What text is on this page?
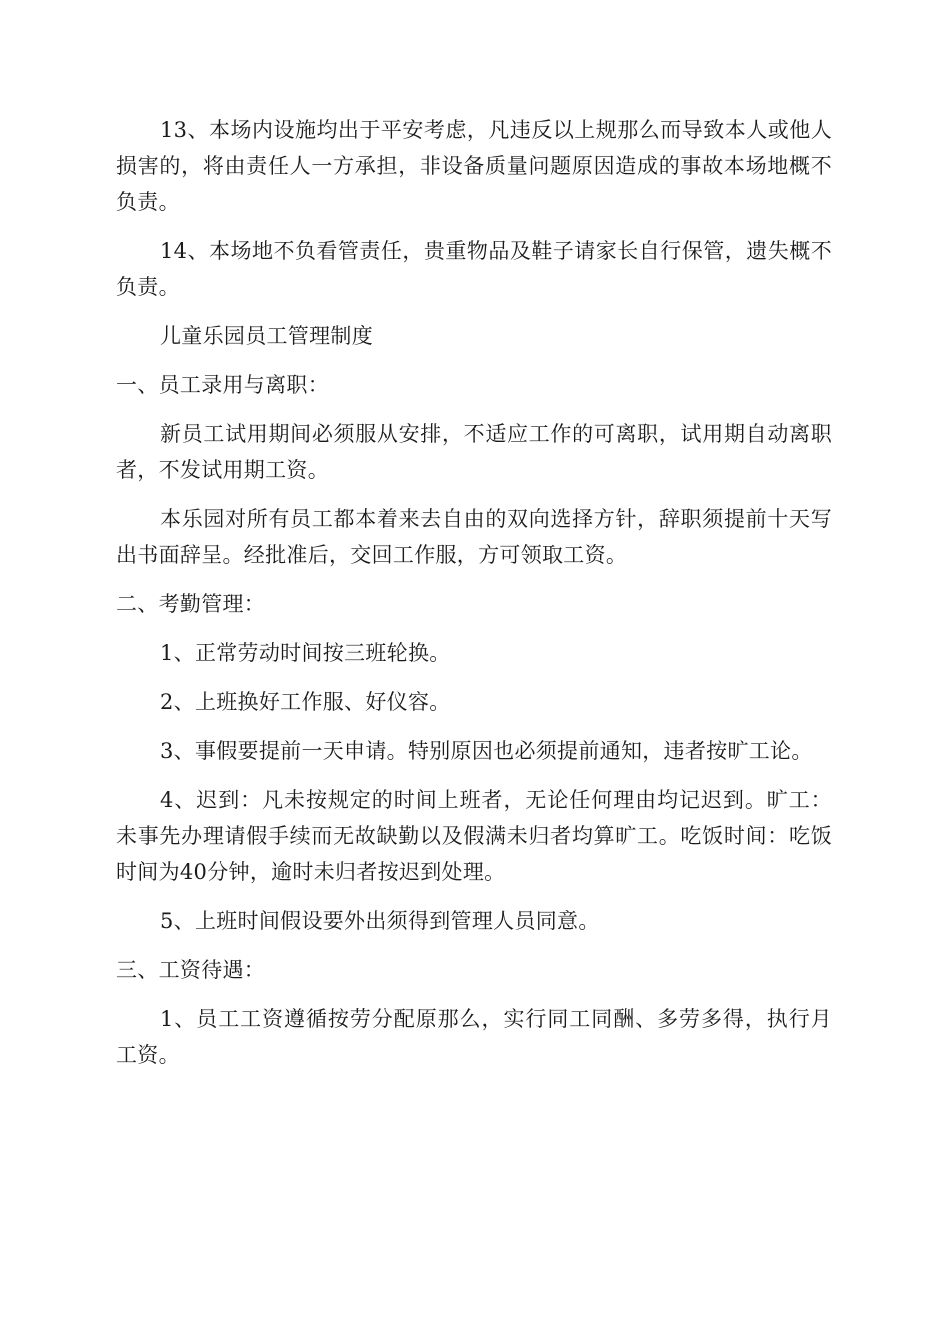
13、本场内设施均出于平安考虑，凡违反以上规那么而导致本人或他人损害的，将由责任人一方承担，非设备质量问题原因造成的事故本场地概不负责。

14、本场地不负看管责任，贵重物品及鞋子请家长自行保管，遗失概不负责。

儿童乐园员工管理制度

一、员工录用与离职：

新员工试用期间必须服从安排，不适应工作的可离职，试用期自动离职者，不发试用期工资。

本乐园对所有员工都本着来去自由的双向选择方针，辞职须提前十天写出书面辞呈。经批准后，交回工作服，方可领取工资。

二、考勤管理：

1、正常劳动时间按三班轮换。

2、上班换好工作服、好仪容。

3、事假要提前一天申请。特别原因也必须提前通知，违者按旷工论。

4、迟到：凡未按规定的时间上班者，无论任何理由均记迟到。旷工：未事先办理请假手续而无故缺勤以及假满未归者均算旷工。吃饭时间：吃饭时间为40分钟，逾时未归者按迟到处理。

5、上班时间假设要外出须得到管理人员同意。

三、工资待遇：

1、员工工资遵循按劳分配原那么，实行同工同酬、多劳多得，执行月工资。
